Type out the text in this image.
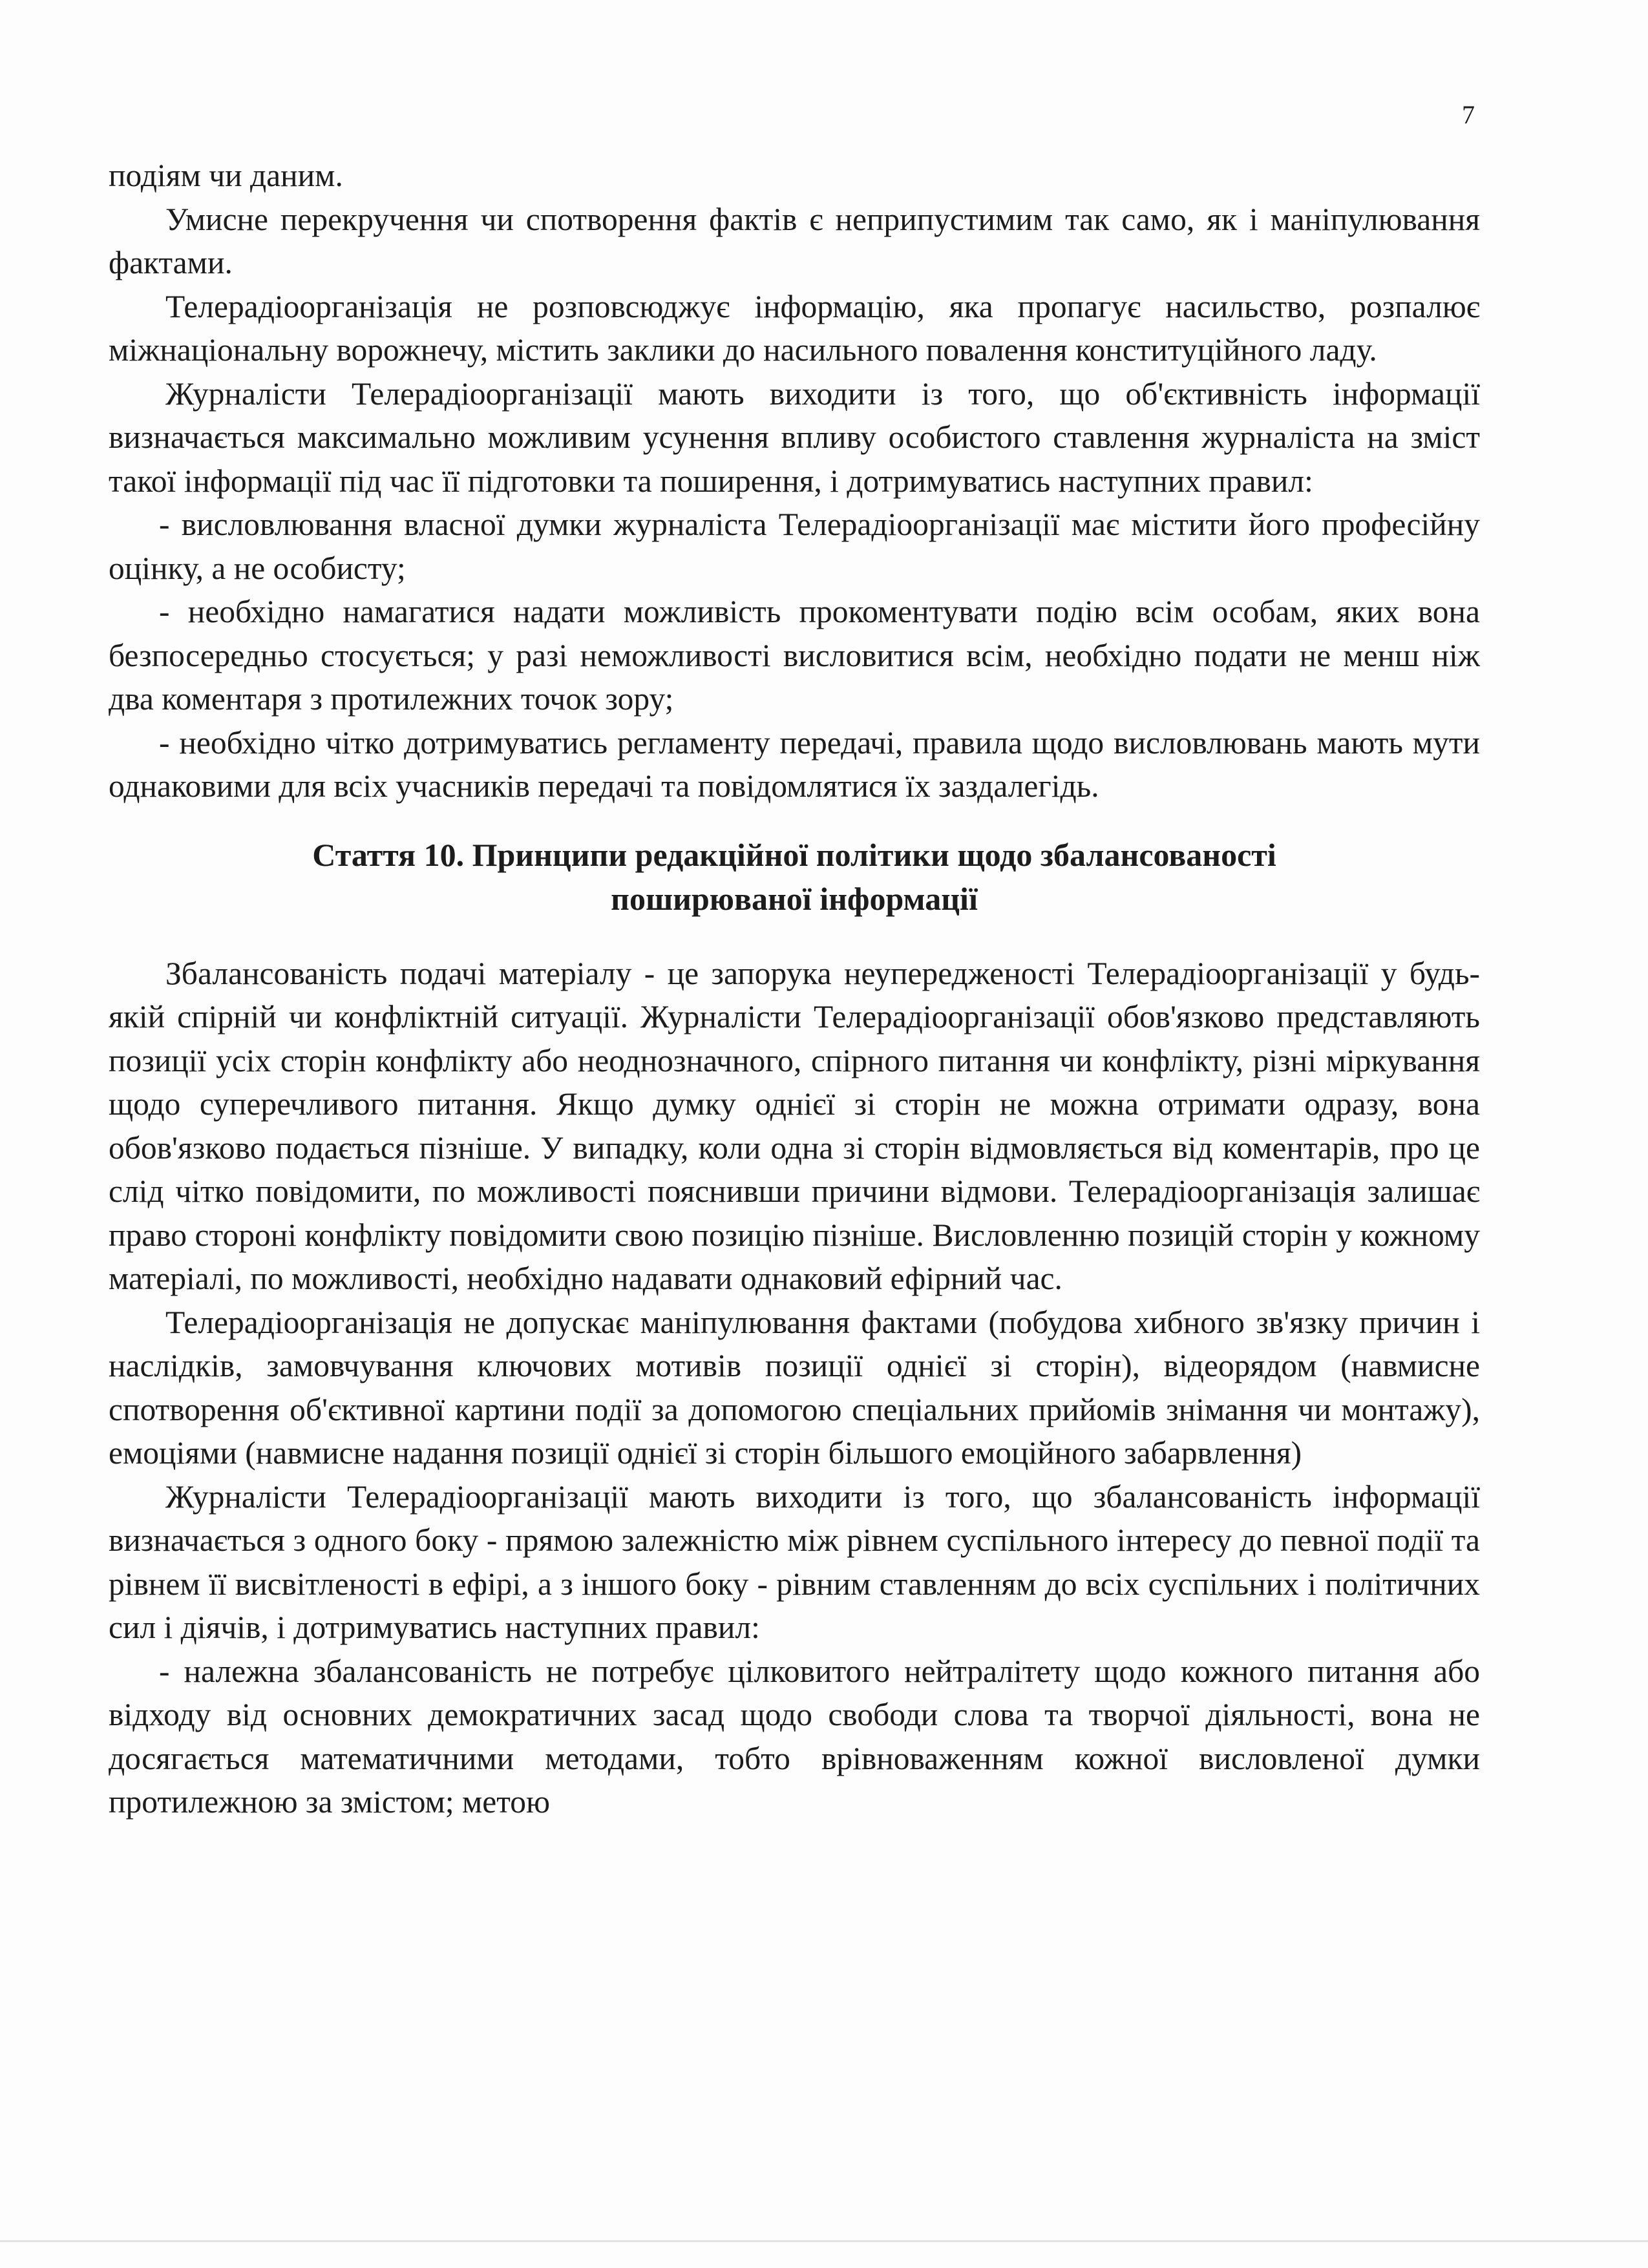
7

подіям чи даним.

Умисне перекручення чи спотворення фактів є неприпустимим так само, як і маніпулювання фактами.

Телерадіоорганізація не розповсюджує інформацію, яка пропагує насильство, розпалює міжнаціональну ворожнечу, містить заклики до насильного повалення конституційного ладу.

Журналісти Телерадіоорганізації мають виходити із того, що об'єктивність інформації визначається максимально можливим усунення впливу особистого ставлення журналіста на зміст такої інформації під час її підготовки та поширення, і дотримуватись наступних правил:

- висловлювання власної думки журналіста Телерадіоорганізації має містити його професійну оцінку, а не особисту;

- необхідно намагатися надати можливість прокоментувати подію всім особам, яких вона безпосередньо стосується; у разі неможливості висловитися всім, необхідно подати не менш ніж два коментаря з протилежних точок зору;

- необхідно чітко дотримуватись регламенту передачі, правила щодо висловлювань мають мути однаковими для всіх учасників передачі та повідомлятися їх заздалегідь.

Стаття 10. Принципи редакційної політики щодо збалансованості
поширюваної інформації

Збалансованість подачі матеріалу - це запорука неупередженості Телерадіоорганізації у будь-якій спірній чи конфліктній ситуації. Журналісти Телерадіоорганізації обов'язково представляють позиції усіх сторін конфлікту або неоднозначного, спірного питання чи конфлікту, різні міркування щодо суперечливого питання. Якщо думку однієї зі сторін не можна отримати одразу, вона обов'язково подається пізніше. У випадку, коли одна зі сторін відмовляється від коментарів, про це слід чітко повідомити, по можливості пояснивши причини відмови. Телерадіоорганізація залишає право стороні конфлікту повідомити свою позицію пізніше. Висловленню позицій сторін у кожному матеріалі, по можливості, необхідно надавати однаковий ефірний час.

Телерадіоорганізація не допускає маніпулювання фактами (побудова хибного зв'язку причин і наслідків, замовчування ключових мотивів позиції однієї зі сторін), відеорядом (навмисне спотворення об'єктивної картини події за допомогою спеціальних прийомів знімання чи монтажу), емоціями (навмисне надання позиції однієї зі сторін більшого емоційного забарвлення)

Журналісти Телерадіоорганізації мають виходити із того, що збалансованість інформації визначається з одного боку - прямою залежністю між рівнем суспільного інтересу до певної події та рівнем її висвітленості в ефірі, а з іншого боку - рівним ставленням до всіх суспільних і політичних сил і діячів, і дотримуватись наступних правил:

- належна збалансованість не потребує цілковитого нейтралітету щодо кожного питання або відходу від основних демократичних засад щодо свободи слова та творчої діяльності, вона не досягається математичними методами, тобто врівноваженням кожної висловленої думки протилежною за змістом; метою
